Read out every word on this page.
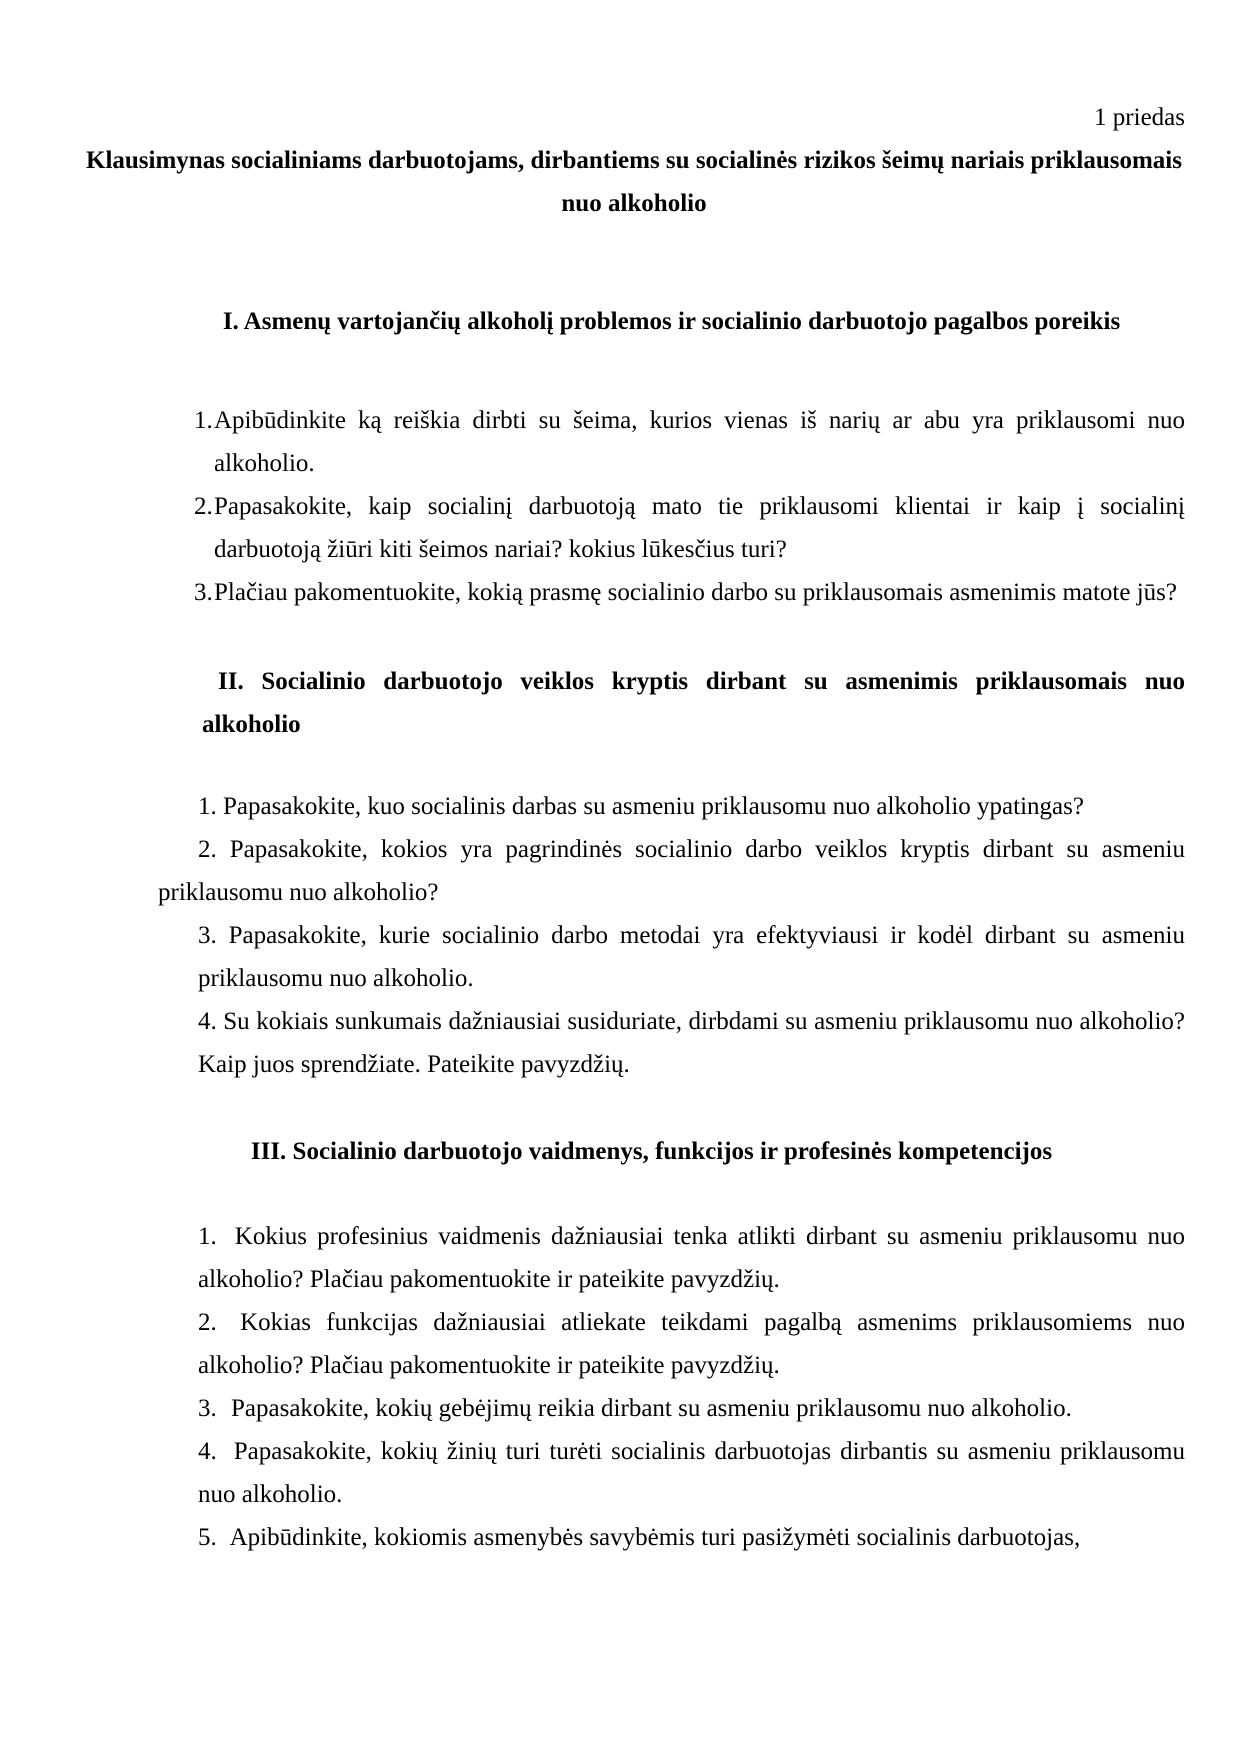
1 priedas
Klausimynas socialiniams darbuotojams, dirbantiems su socialinės rizikos šeimų nariais priklausomais nuo alkoholio
I. Asmenų vartojančių alkoholį problemos ir socialinio darbuotojo pagalbos poreikis

1.Apibūdinkite ką reiškia dirbti su šeima, kurios vienas iš narių ar abu yra priklausomi nuo alkoholio.

2.Papasakokite, kaip socialinį darbuotoją mato tie priklausomi klientai ir kaip į socialinį darbuotoją žiūri kiti šeimos nariai? kokius lūkesčius turi?

3.Plačiau pakomentuokite, kokią prasmę socialinio darbo su priklausomais asmenimis matote jūs?

II. Socialinio darbuotojo veiklos kryptis dirbant su asmenimis priklausomais nuo alkoholio

1. Papasakokite, kuo socialinis darbas su asmeniu priklausomu nuo alkoholio ypatingas?

2. Papasakokite, kokios yra pagrindinės socialinio darbo veiklos kryptis dirbant su asmeniu priklausomu nuo alkoholio?

3. Papasakokite, kurie socialinio darbo metodai yra efektyviausi ir kodėl dirbant su asmeniu priklausomu nuo alkoholio.

4. Su kokiais sunkumais dažniausiai susiduriate, dirbdami su asmeniu priklausomu nuo alkoholio? Kaip juos sprendžiate. Pateikite pavyzdžių.

III. Socialinio darbuotojo vaidmenys, funkcijos ir profesinės kompetencijos

1. Kokius profesinius vaidmenis dažniausiai tenka atlikti dirbant su asmeniu priklausomu nuo alkoholio? Plačiau pakomentuokite ir pateikite pavyzdžių.

2. Kokias funkcijas dažniausiai atliekate teikdami pagalbą asmenims priklausomiems nuo alkoholio? Plačiau pakomentuokite ir pateikite pavyzdžių.

3. Papasakokite, kokių gebėjimų reikia dirbant su asmeniu priklausomu nuo alkoholio.

4. Papasakokite, kokių žinių turi turėti socialinis darbuotojas dirbantis su asmeniu priklausomu nuo alkoholio.

5. Apibūdinkite, kokiomis asmenybės savybėmis turi pasižymėti socialinis darbuotojas,
